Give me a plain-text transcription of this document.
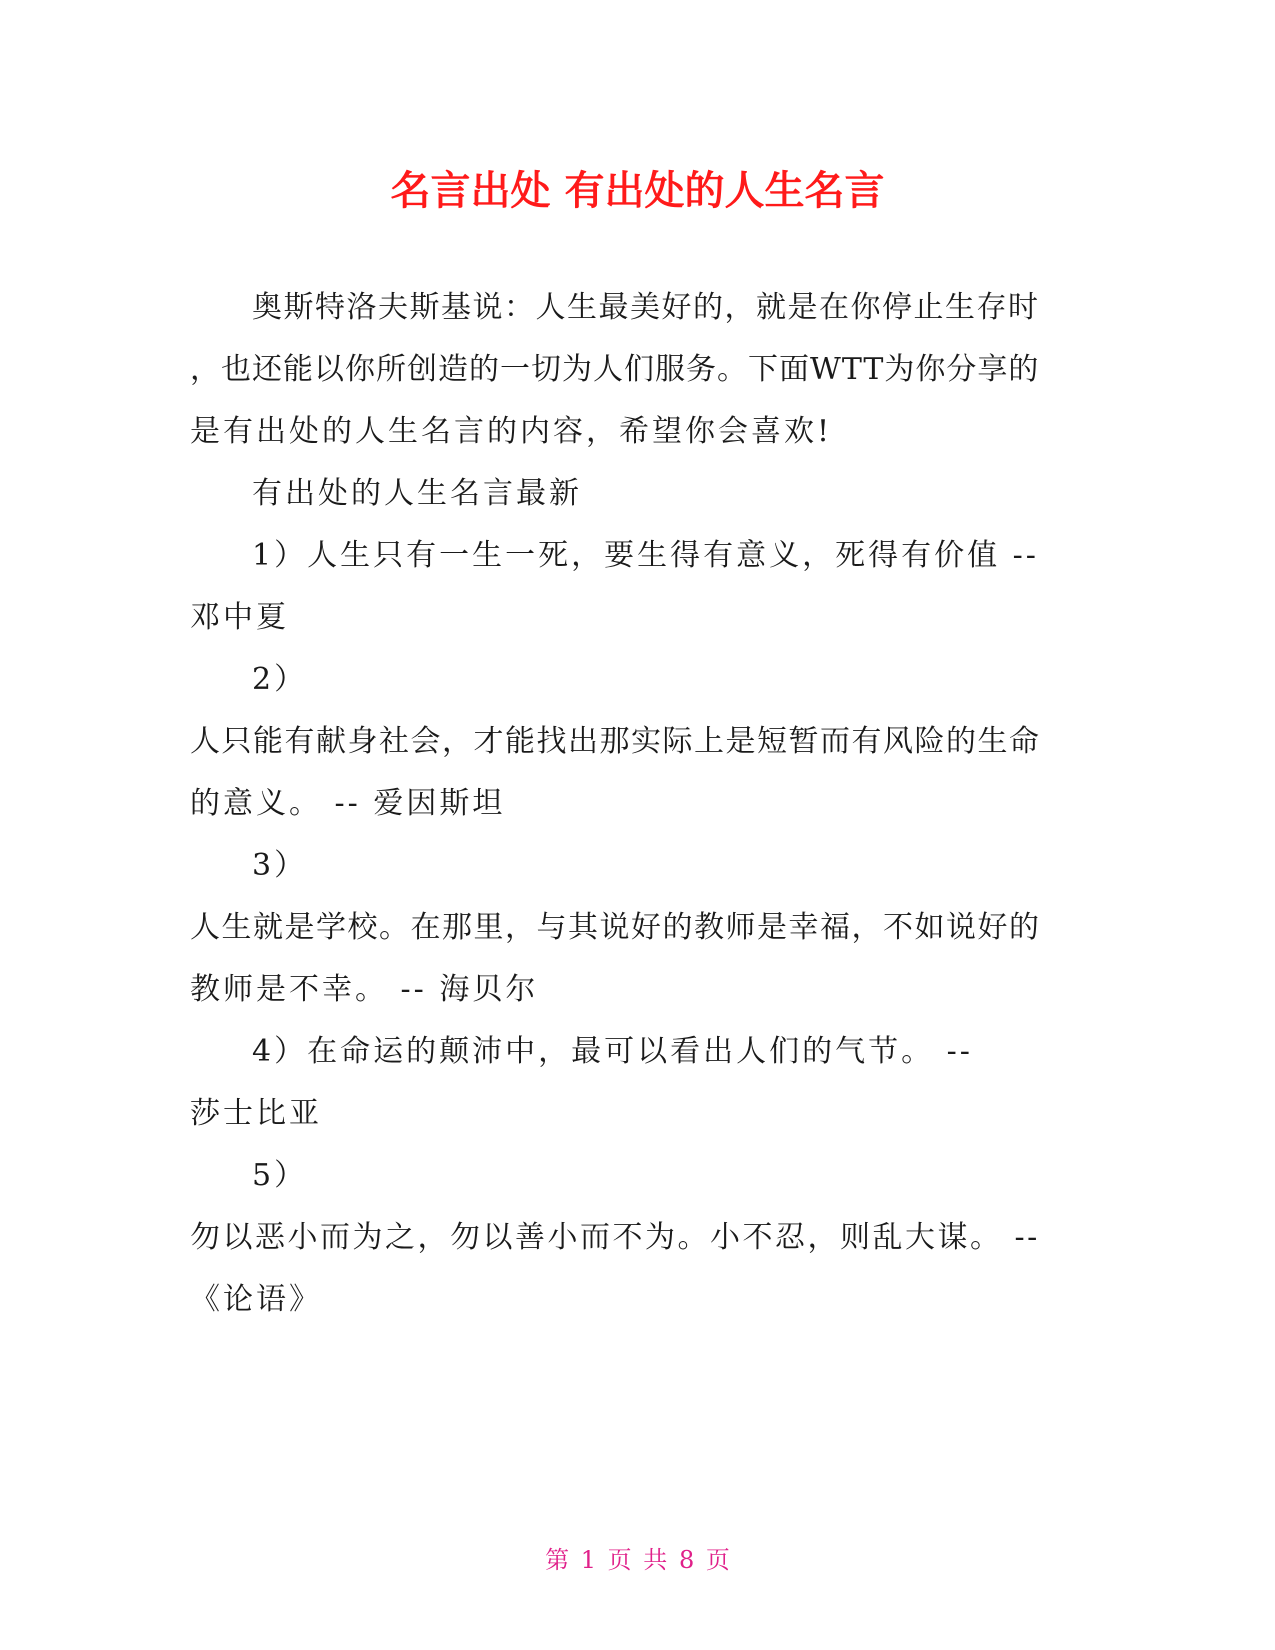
名言出处 有出处的人生名言
奥斯特洛夫斯基说：人生最美好的，就是在你停止生存时
，也还能以你所创造的一切为人们服务。下面WTT为你分享的
是有出处的人生名言的内容，希望你会喜欢!
有出处的人生名言最新
1）人生只有一生一死，要生得有意义，死得有价值 --
邓中夏
2）
人只能有献身社会，才能找出那实际上是短暂而有风险的生命
的意义。 -- 爱因斯坦
3）
人生就是学校。在那里，与其说好的教师是幸福，不如说好的
教师是不幸。 -- 海贝尔
4）在命运的颠沛中，最可以看出人们的气节。 --
莎士比亚
5）
勿以恶小而为之，勿以善小而不为。小不忍，则乱大谋。 --
《论语》
第 1 页 共 8 页
